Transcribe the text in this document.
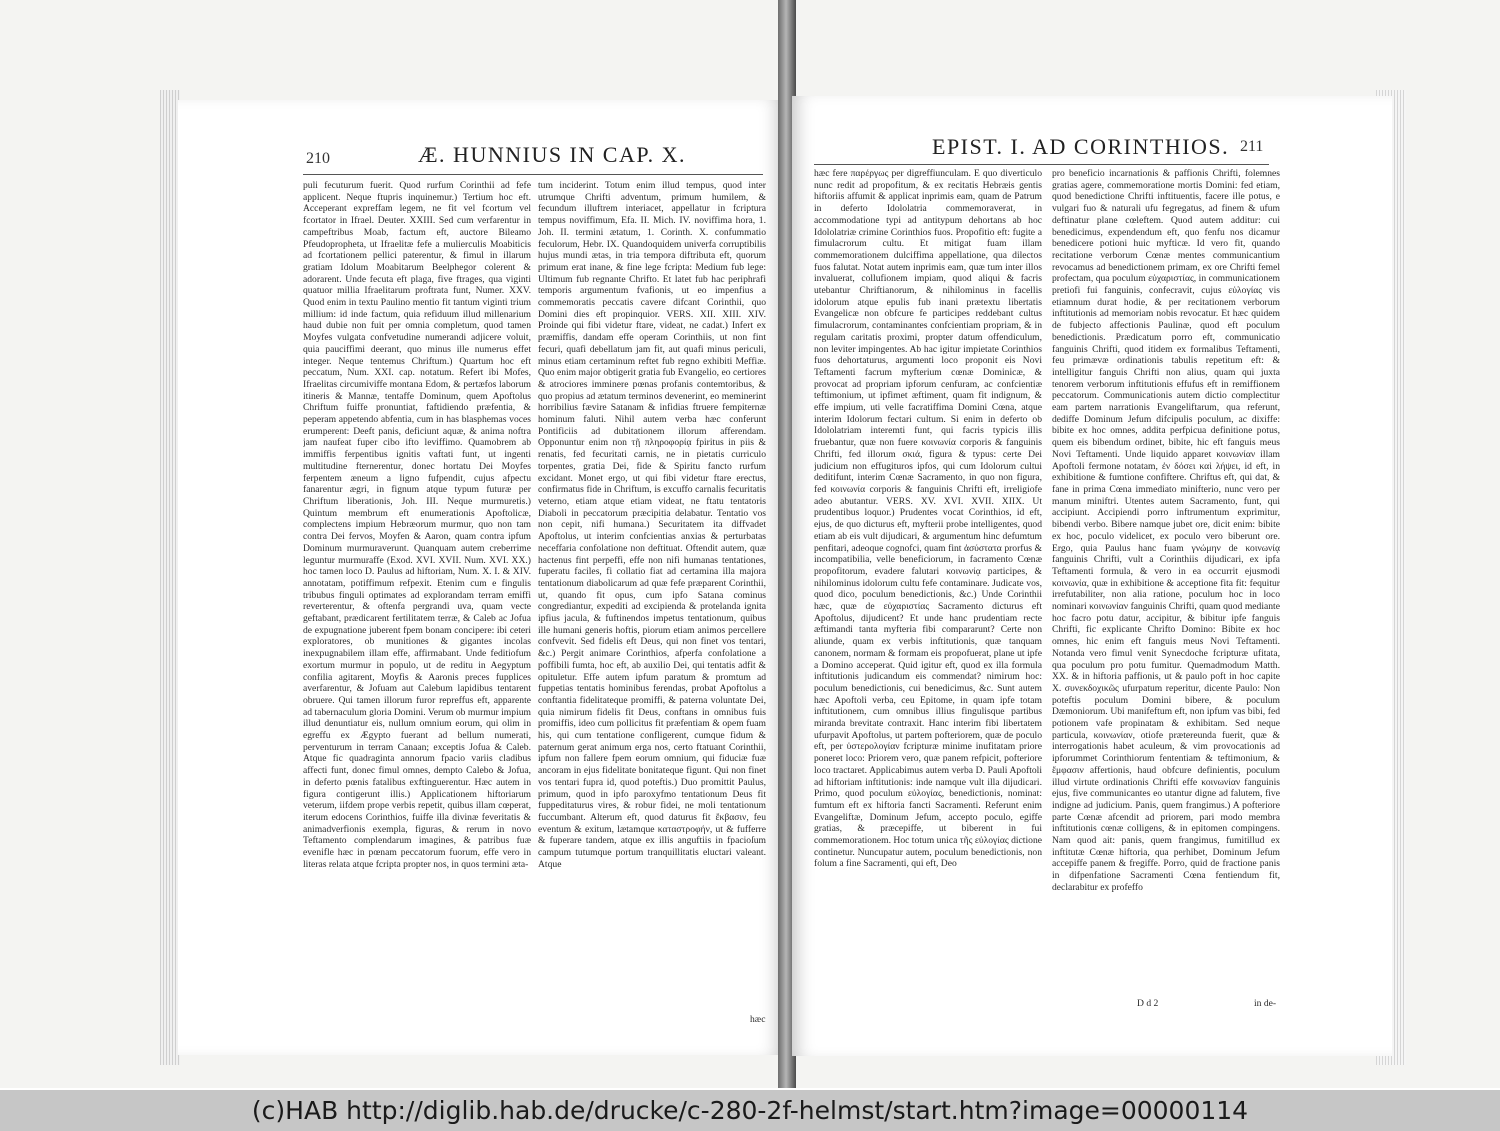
210	Æ. HUNNIUS IN CAP. X.

puli fecuturum fuerit. Quod rurfum Corinthii ad fefe applicent. Neque ftupris inquinemur.) Tertium hoc eft. Acceperant expreffam legem, ne fit vel fcortum vel fcortator in Ifrael. Deuter. XXIII. Sed cum verfarentur in campeftribus Moab, factum eft, auctore Bileamo Pfeudopropheta, ut Ifraelitæ fefe a mulierculis Moabiticis ad fcortationem pellici paterentur, & fimul in illarum gratiam Idolum Moabitarum Beelphegor colerent & adorarent. Unde fecuta eft plaga, five ftrages, qua viginti quatuor millia Ifraelitarum proftrata funt, Numer. XXV. Quod enim in textu Paulino mentio fit tantum viginti trium millium: id inde factum, quia refiduum illud millenarium haud dubie non fuit per omnia completum, quod tamen Moyfes vulgata confvetudine numerandi adjicere voluit, quia pauciffimi deerant, quo minus ille numerus effet integer. Neque tentemus Chriftum.) Quartum hoc eft peccatum, Num. XXI. cap. notatum. Refert ibi Mofes, Ifraelitas circumiviffe montana Edom, & pertæfos laborum itineris & Mannæ, tentaffe Dominum, quem Apoftolus Chriftum fuiffe pronuntiat, faftidiendo præfentia, & peperam appetendo abfentia, cum in has blasphemas voces erumperent: Deeft panis, deficiunt aquæ, & anima noftra jam naufeat fuper cibo ifto leviffimo. Quamobrem ab immiffis ferpentibus ignitis vaftati funt, ut ingenti multitudine fternerentur, donec hortatu Dei Moyfes ferpentem æneum a ligno fufpendit, cujus afpectu fanarentur ægri, in fignum atque typum futuræ per Chriftum liberationis, Joh. III. Neque murmuretis.) Quintum membrum eft enumerationis Apoftolicæ, complectens impium Hebræorum murmur, quo non tam contra Dei fervos, Moyfen & Aaron, quam contra ipfum Dominum murmuraverunt. Quanquam autem creberrime leguntur murmuraffe (Exod. XVI. XVII. Num. XVI. XX.) hoc tamen loco D. Paulus ad hiftoriam, Num. X. I. & XIV. annotatam, potiffimum refpexit. Etenim cum e fingulis tribubus finguli optimates ad explorandam terram emiffi reverterentur, & oftenfa pergrandi uva, quam vecte geftabant, prædicarent fertilitatem terræ, & Caleb ac Jofua de expugnatione juberent fpem bonam concipere: ibi ceteri exploratores, ob munitiones & gigantes incolas inexpugnabilem illam effe, affirmabant. Unde feditiofum exortum murmur in populo, ut de reditu in Aegyptum confilia agitarent, Moyfis & Aaronis preces fupplices averfarentur, & Jofuam aut Calebum lapidibus tentarent obruere. Qui tamen illorum furor repreffus eft, apparente ad tabernaculum gloria Domini. Verum ob murmur impium illud denuntiatur eis, nullum omnium eorum, qui olim in egreffu ex Ægypto fuerant ad bellum numerati, perventurum in terram Canaan; exceptis Jofua & Caleb. Atque fic quadraginta annorum fpacio variis cladibus affecti funt, donec fimul omnes, dempto Calebo & Jofua, in deferto pœnis fatalibus exftinguerentur. Hæc autem in figura contigerunt illis.) Applicationem hiftoriarum veterum, iifdem prope verbis repetit, quibus illam cœperat, iterum edocens Corinthios, fuiffe illa divinæ feveritatis & animadverfionis exempla, figuras, & rerum in novo Teftamento complendarum imagines, & patribus fuæ evenifle hæc in pœnam peccatorum fuorum, effe vero in literas relata atque fcripta propter nos, in quos termini æta-

tum inciderint. Totum enim illud tempus, quod inter utrumque Chrifti adventum, primum humilem, & fecundum illuftrem interiacet, appellatur in fcriptura tempus noviffimum, Efa. II. Mich. IV. noviffima hora, 1. Joh. II. termini ætatum, 1. Corinth. X. confummatio feculorum, Hebr. IX. Quandoquidem univerfa corruptibilis hujus mundi ætas, in tria tempora diftributa eft, quorum primum erat inane, & fine lege fcripta: Medium fub lege: Ultimum fub regnante Chrifto. Et latet fub hac periphrafi temporis argumentum fvafionis, ut eo impenfius a commemoratis peccatis cavere difcant Corinthii, quo Domini dies eft propinquior. VERS. XII. XIII. XIV. Proinde qui fibi videtur ftare, videat, ne cadat.) Infert ex præmiffis, dandam effe operam Corinthiis, ut non fint fecuri, quafi debellatum jam fit, aut quafi minus periculi, minus etiam certaminum reftet fub regno exhibiti Meffiæ. Quo enim major obtigerit gratia fub Evangelio, eo certiores & atrociores imminere pœnas profanis contemtoribus, & quo propius ad ætatum terminos devenerint, eo meminerint horribilius fævire Satanam & infidias ftruere fempiternæ hominum faluti. Nihil autem verba hæc conferunt Pontificiis ad dubitationem illorum afferendam. Opponuntur enim non τῇ πληροφορίᾳ fpiritus in piis & renatis, fed fecuritati carnis, ne in pietatis curriculo torpentes, gratia Dei, fide & Spiritu fancto rurfum excidant. Monet ergo, ut qui fibi videtur ftare erectus, confirmatus fide in Chriftum, is excuffo carnalis fecuritatis veterno, etiam atque etiam videat, ne ftatu tentatoris Diaboli in peccatorum præcipitia delabatur. Tentatio vos non cepit, nifi humana.) Securitatem ita diffvadet Apoftolus, ut interim confcientias anxias & perturbatas neceffaria confolatione non deftituat. Oftendit autem, quæ hactenus fint perpeffi, effe non nifi humanas tentationes, fuperatu faciles, fi collatio fiat ad certamina illa majora tentationum diabolicarum ad quæ fefe præparent Corinthii, ut, quando fit opus, cum ipfo Satana cominus congrediantur, expediti ad excipienda & protelanda ignita ipfius jacula, & fuftinendos impetus tentationum, quibus ille humani generis hoftis, piorum etiam animos percellere confvevit. Sed fidelis eft Deus, qui non finet vos tentari, &c.) Pergit animare Corinthios, afperfa confolatione a poffibili fumta, hoc eft, ab auxilio Dei, qui tentatis adfit & opituletur. Effe autem ipfum paratum & promtum ad fuppetias tentatis hominibus ferendas, probat Apoftolus a conftantia fidelitateque promiffi, & paterna voluntate Dei, quia nimirum fidelis fit Deus, conftans in omnibus fuis promiffis, ideo cum pollicitus fit præfentiam & opem fuam his, qui cum tentatione confligerent, cumque fidum & paternum gerat animum erga nos, certo ftatuant Corinthii, ipfum non fallere fpem eorum omnium, qui fiduciæ fuæ ancoram in ejus fidelitate bonitateque figunt. Qui non finet vos tentari fupra id, quod poteftis.) Duo promittit Paulus, primum, quod in ipfo paroxyfmo tentationum Deus fit fuppeditaturus vires, & robur fidei, ne moli tentationum fuccumbant. Alterum eft, quod daturus fit ἔκβασιν, feu eventum & exitum, lætamque καταστροφήν, ut & fufferre & fuperare tandem, atque ex illis anguftiis in fpacioſum campum tutumque portum tranquillitatis eluctari valeant. Atque

hæc
EPIST. I. AD CORINTHIOS. 211

hæc fere παρέργως per digreffiunculam. E quo diverticulo nunc redit ad propofitum, & ex recitatis Hebræis gentis hiftoriis affumit & applicat inprimis eam, quam de Patrum in deferto Idololatria commemoraverat, in accommodatione typi ad antitypum dehortans ab hoc Idololatriæ crimine Corinthios fuos. Propofitio eft: fugite a fimulacrorum cultu. Et mitigat fuam illam commemorationem dulciffima appellatione, qua dilectos fuos falutat. Notat autem inprimis eam, quæ tum inter illos invaluerat, collufionem impiam, quod aliqui & facris utebantur Chriftianorum, & nihilominus in facellis idolorum atque epulis fub inani prætextu libertatis Evangelicæ non obfcure fe participes reddebant cultus fimulacrorum, contaminantes confcientiam propriam, & in regulam caritatis proximi, propter datum offendiculum, non leviter impingentes. Ab hac igitur impietate Corinthios fuos dehortaturus, argumenti loco proponit eis Novi Teftamenti facrum myfterium cœnæ Dominicæ, & provocat ad propriam ipforum cenfuram, ac confcientiæ teftimonium, ut ipfimet æftiment, quam fit indignum, & effe impium, uti velle facratiffima Domini Cœna, atque interim Idolorum fectari cultum. Si enim in deferto ob Idololatriam interemti funt, qui facris typicis illis fruebantur, quæ non fuere κοινωνία corporis & fanguinis Chrifti, fed illorum σκιά, figura & typus: certe Dei judicium non effugituros ipfos, qui cum Idolorum cultui deditifunt, interim Cœnæ Sacramento, in quo non figura, fed κοινωνία corporis & fanguinis Chrifti eft, irreligiofe adeo abutantur. VERS. XV. XVI. XVII. XIIX. Ut prudentibus loquor.) Prudentes vocat Corinthios, id eft, ejus, de quo dicturus eft, myfterii probe intelligentes, quod etiam ab eis vult dijudicari, & argumentum hinc defumtum penfitari, adeoque cognofci, quam fint ἀσύστατα prorfus & incompatibilia, velle beneficiorum, in facramento Cœnæ propofitorum, evadere falutari κοινωνίᾳ participes, & nihilominus idolorum cultu fefe contaminare. Judicate vos, quod dico, poculum benedictionis, &c.) Unde Corinthii hæc, quæ de εὐχαριστίας Sacramento dicturus eft Apoftolus, dijudicent? Et unde hanc prudentiam recte æftimandi tanta myfteria fibi compararunt? Certe non aliunde, quam ex verbis inftitutionis, quæ tanquam canonem, normam & formam eis propofuerat, plane ut ipfe a Domino acceperat. Quid igitur eft, quod ex illa formula inftitutionis judicandum eis commendat? nimirum hoc: poculum benedictionis, cui benedicimus, &c. Sunt autem hæc Apoftoli verba, ceu Epitome, in quam ipfe totam inftitutionem, cum omnibus illius fingulisque partibus miranda brevitate contraxit. Hanc interim fibi libertatem ufurpavit Apoftolus, ut partem pofteriorem, quæ de poculo eft, per ὑστερολογίαν fcripturæ minime inufitatam priore poneret loco: Priorem vero, quæ panem refpicit, pofteriore loco tractaret. Applicabimus autem verba D. Pauli Apoftoli ad hiftoriam inftitutionis: inde namque vult illa dijudicari. Primo, quod poculum εὐλογίας, benedictionis, nominat: fumtum eft ex hiftoria fancti Sacramenti. Referunt enim Evangeliftæ, Dominum Jefum, accepto poculo, egiffe gratias, & præcepiffe, ut biberent in fui commemorationem. Hoc totum unica τῆς εὐλογίας dictione continetur. Nuncupatur autem, poculum benedictionis, non folum a fine Sacramenti, qui eft, Deo

pro beneficio incarnationis & paffionis Chrifti, folemnes gratias agere, commemoratione mortis Domini: fed etiam, quod benedictione Chrifti inftituentis, facere ille potus, e vulgari fuo & naturali ufu fegregatus, ad finem & ufum deftinatur plane cœleftem. Quod autem additur: cui benedicimus, expendendum eft, quo fenfu nos dicamur benedicere potioni huic myfticæ. Id vero fit, quando recitatione verborum Cœnæ mentes communicantium revocamus ad benedictionem primam, ex ore Chrifti femel profectam, qua poculum εὐχαριστίας, in communicationem pretiofi fui fanguinis, confecravit, cujus εὐλογίας vis etiamnum durat hodie, & per recitationem verborum inftitutionis ad memoriam nobis revocatur. Et hæc quidem de fubjecto affectionis Paulinæ, quod eft poculum benedictionis. Prædicatum porro eft, communicatio fanguinis Chrifti, quod itidem ex formalibus Teftamenti, feu primævæ ordinationis tabulis repetitum eft: & intelligitur fanguis Chrifti non alius, quam qui juxta tenorem verborum inftitutionis effufus eft in remiffionem peccatorum. Communicationis autem dictio complectitur eam partem narrationis Evangeliftarum, qua referunt, dediffe Dominum Jefum difcipulis poculum, ac dixiffe: bibite ex hoc omnes, addita perfpicua definitione potus, quem eis bibendum ordinet, bibite, hic eft fanguis meus Novi Teftamenti. Unde liquido apparet κοινωνίαν illam Apoftoli fermone notatam, ἐν δόσει καὶ λήψει, id eft, in exhibitione & fumtione confiftere. Chriftus eft, qui dat, & fane in prima Cœna immediato minifterio, nunc vero per manum miniftri. Utentes autem Sacramento, funt, qui accipiunt. Accipiendi porro inftrumentum exprimitur, bibendi verbo. Bibere namque jubet ore, dicit enim: bibite ex hoc, poculo videlicet, ex poculo vero biberunt ore. Ergo, quia Paulus hanc fuam γνώμην de κοινωνίᾳ fanguinis Chrifti, vult a Corinthiis dijudicari, ex ipfa Teftamenti formula, & vero in ea occurrit ejusmodi κοινωνία, quæ in exhibitione & acceptione fita fit: fequitur irrefutabiliter, non alia ratione, poculum hoc in loco nominari κοινωνίαν fanguinis Chrifti, quam quod mediante hoc facro potu datur, accipitur, & bibitur ipfe fanguis Chrifti, fic explicante Chrifto Domino: Bibite ex hoc omnes, hic enim eft fanguis meus Novi Teftamenti. Notanda vero fimul venit Synecdoche fcripturæ ufitata, qua poculum pro potu fumitur. Quemadmodum Matth. XX. & in hiftoria paffionis, ut & paulo poft in hoc capite X. συνεκδοχικῶς ufurpatum reperitur, dicente Paulo: Non poteftis poculum Domini bibere, & poculum Dæmoniorum. Ubi manifeftum eft, non ipfum vas bibi, fed potionem vafe propinatam & exhibitam. Sed neque particula, κοινωνίαν, otiofe prætereunda fuerit, quæ & interrogationis habet aculeum, & vim provocationis ad ipforummet Corinthiorum fententiam & teftimonium, & ἔμφασιν affertionis, haud obfcure definientis, poculum illud virtute ordinationis Chrifti effe κοινωνίαν fanguinis ejus, five communicantes eo utantur digne ad falutem, five indigne ad judicium. Panis, quem frangimus.) A pofteriore parte Cœnæ afcendit ad priorem, pari modo membra inftitutionis cœnæ colligens, & in epitomen compingens. Nam quod ait: panis, quem frangimus, fumitillud ex inftitutæ Cœnæ hiftoria, qua perhibet, Dominum Jefum accepiffe panem & fregiffe. Porro, quid de fractione panis in difpenfatione Sacramenti Cœna fentiendum fit, declarabitur ex profeffo

D d 2	in de-
(c)HAB http://diglib.hab.de/drucke/c-280-2f-helmst/start.htm?image=00000114
